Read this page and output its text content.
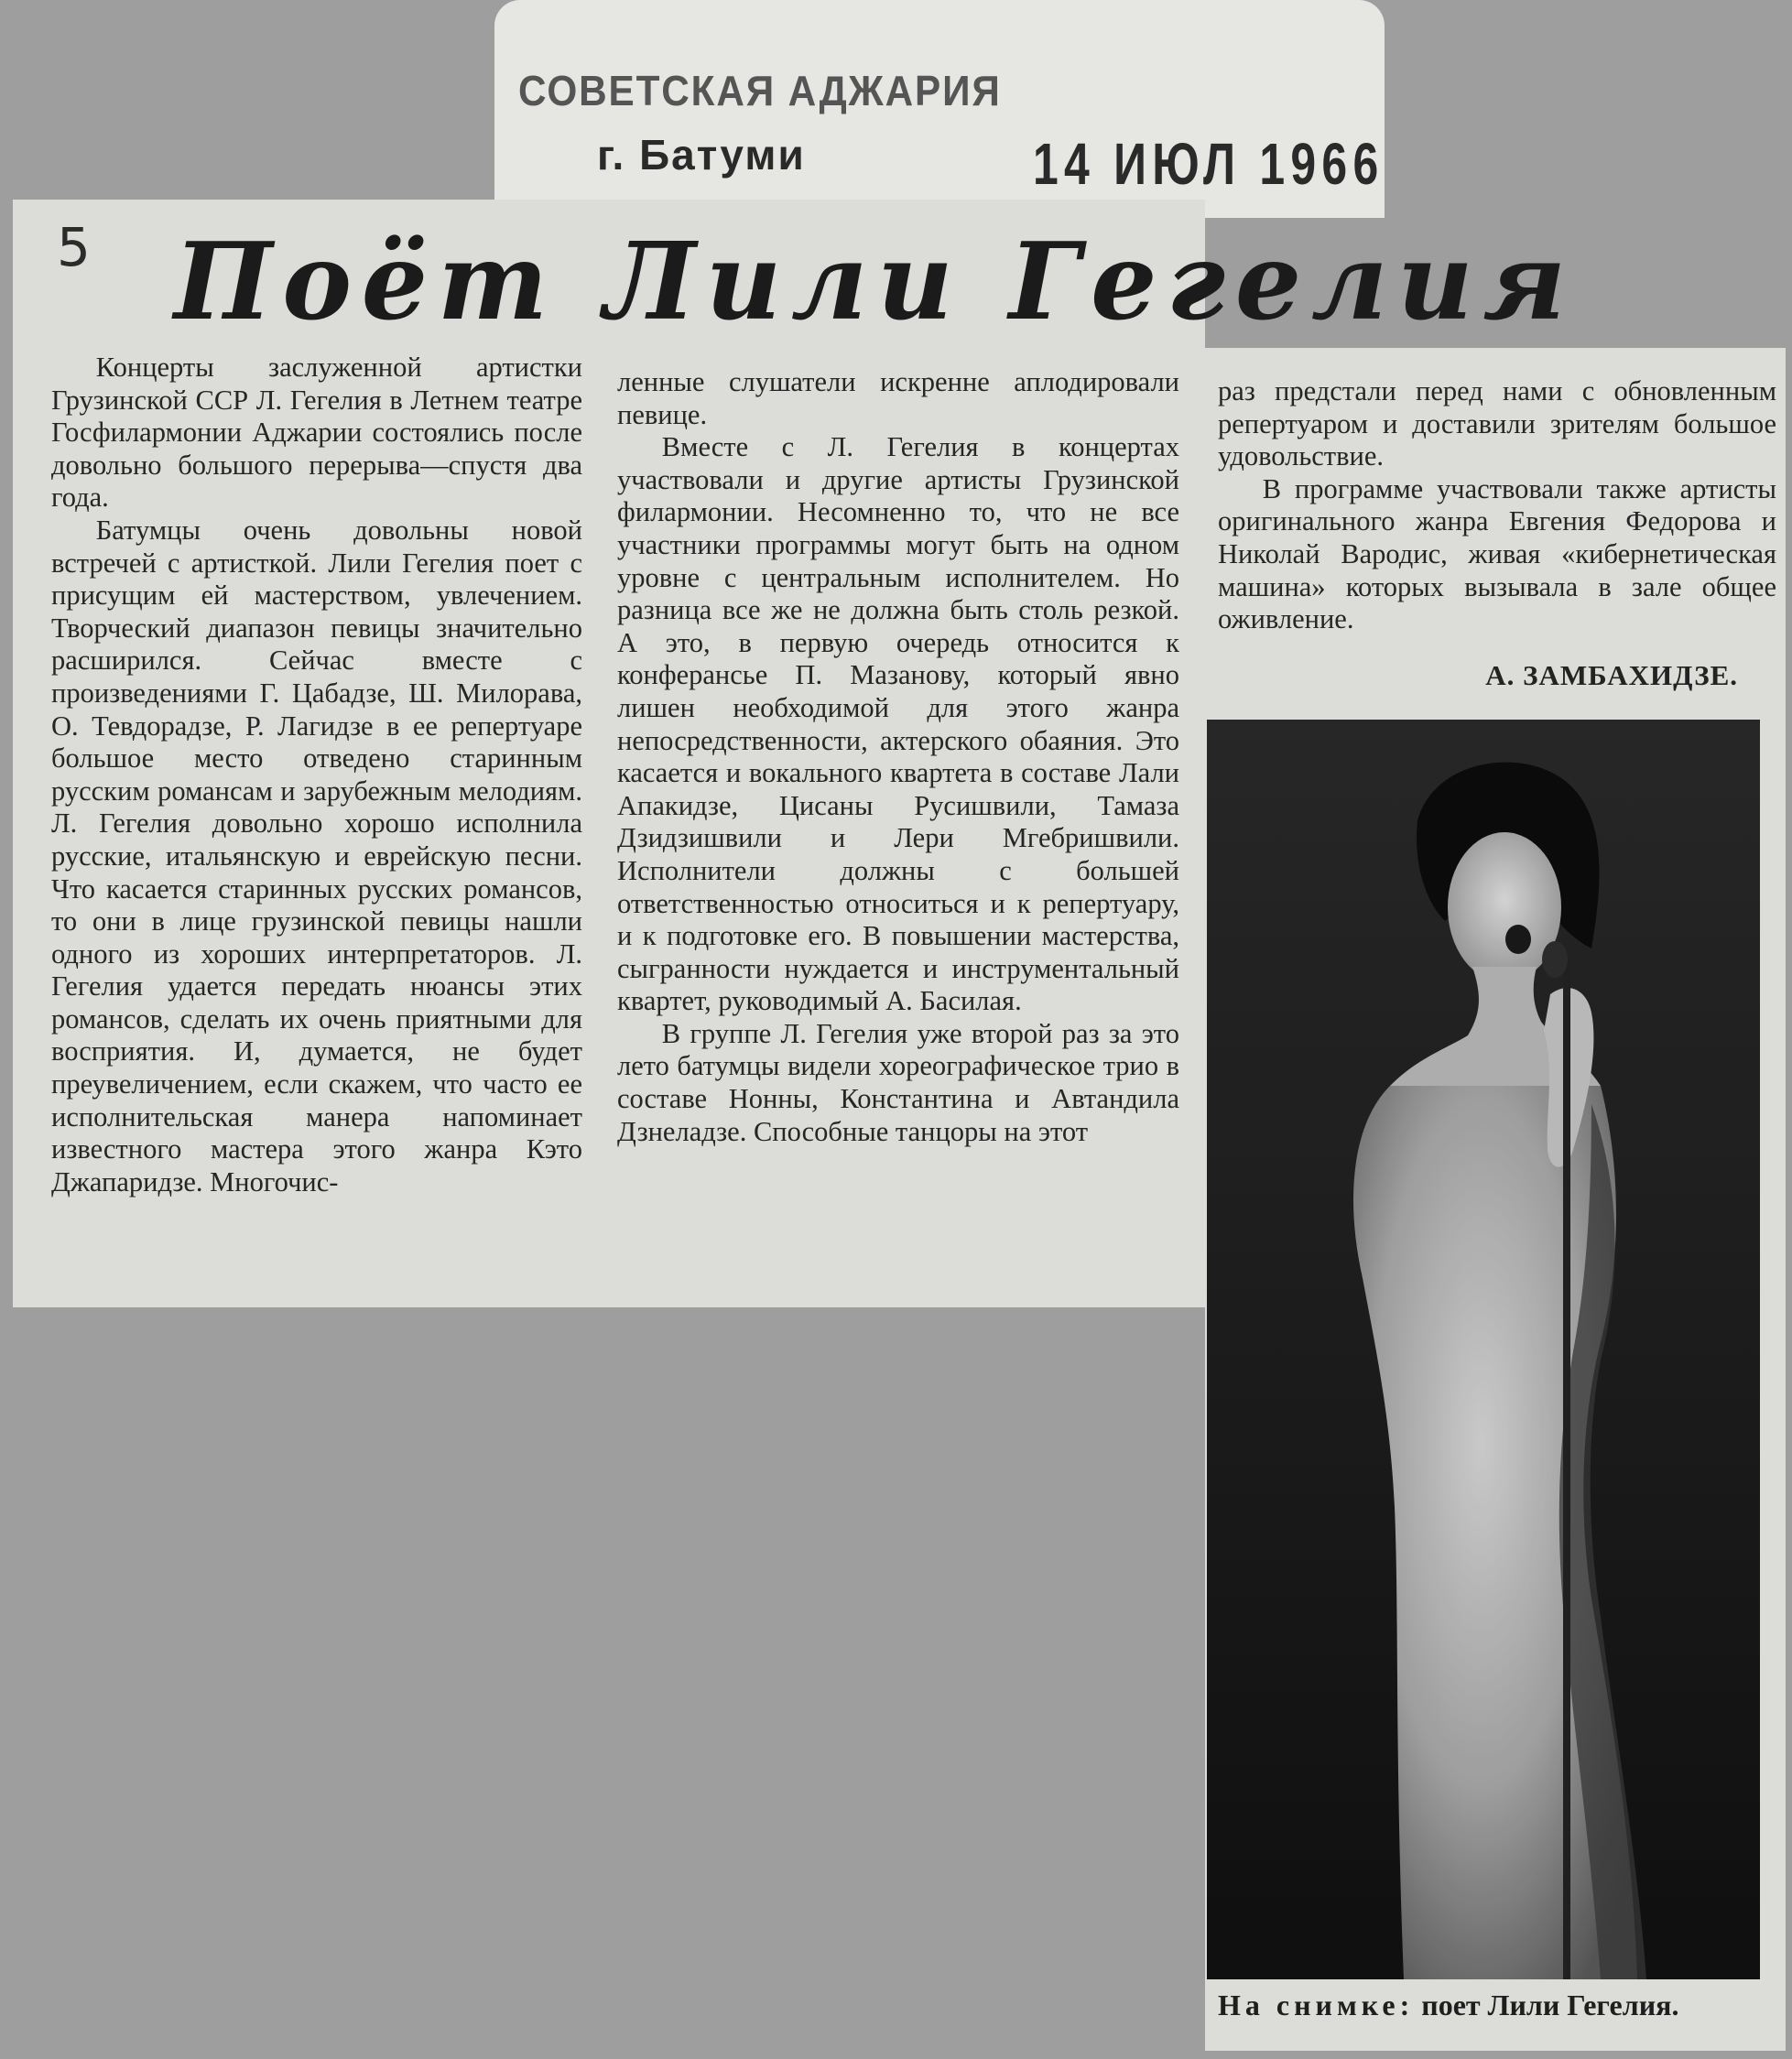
СОВЕТСКАЯ АДЖАРИЯ
г. Батуми	14 ИЮЛ 1966
5 Поёт Лили Гегелия

Концерты заслуженной артистки Грузинской ССР Л. Гегелия в Летнем театре Госфилармонии Аджарии состоялись после довольно большого перерыва—спустя два года.

Батумцы очень довольны новой встречей с артисткой. Лили Гегелия поет с присущим ей мастерством, увлечением. Творческий диапазон певицы значительно расширился. Сейчас вместе с произведениями Г. Цабадзе, Ш. Милорава, О. Тевдорадзе, Р. Лагидзе в ее репертуаре большое место отведено старинным русским романсам и зарубежным мелодиям. Л. Гегелия довольно хорошо исполнила русские, итальянскую и еврейскую песни. Что касается старинных русских романсов, то они в лице грузинской певицы нашли одного из хороших интерпретаторов. Л. Гегелия удается передать нюансы этих романсов, сделать их очень приятными для восприятия. И, думается, не будет преувеличением, если скажем, что часто ее исполнительская манера напоминает известного мастера этого жанра Кэто Джапаридзе. Многочис-

ленные слушатели искренне аплодировали певице.

Вместе с Л. Гегелия в концертах участвовали и другие артисты Грузинской филармонии. Несомненно то, что не все участники программы могут быть на одном уровне с центральным исполнителем. Но разница все же не должна быть столь резкой. А это, в первую очередь относится к конферансье П. Мазанову, который явно лишен необходимой для этого жанра непосредственности, актерского обаяния. Это касается и вокального квартета в составе Лали Апакидзе, Цисаны Русишвили, Тамаза Дзидзишвили и Лери Мгебришвили. Исполнители должны с большей ответственностью относиться и к репертуару, и к подготовке его. В повышении мастерства, сыгранности нуждается и инструментальный квартет, руководимый А. Басилая.

В группе Л. Гегелия уже второй раз за это лето батумцы видели хореографическое трио в составе Нонны, Константина и Автандила Дзнеладзе. Способные танцоры на этот

раз предстали перед нами с обновленным репертуаром и доставили зрителям большое удовольствие.

В программе участвовали также артисты оригинального жанра Евгения Федорова и Николай Вародис, живая «кибернетическая машина» которых вызывала в зале общее оживление.

А. ЗАМБАХИДЗЕ.
На снимке: поет Лили Гегелия.
